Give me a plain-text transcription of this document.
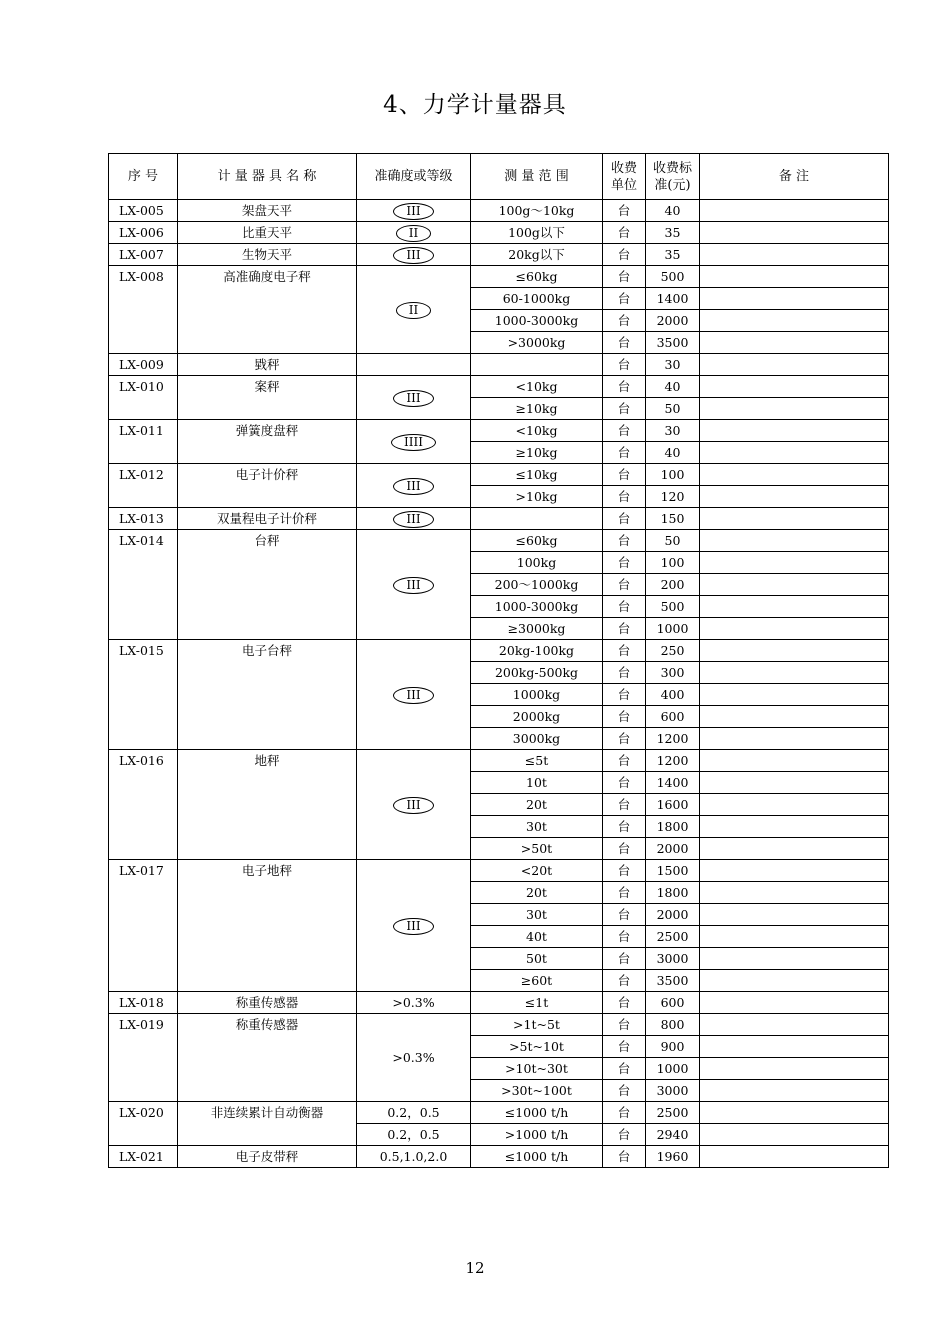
4、力学计量器具
序 号	计 量 器 具 名 称	准确度或等级	测 量 范 围	收费单位	收费标准(元)	备 注
LX-005	架盘天平	III	100g～10kg	台	40	
LX-006	比重天平	II	100g以下	台	35	
LX-007	生物天平	III	20kg以下	台	35	
LX-008	高准确度电子秤	II	≤60kg	台	500	
			60-1000kg	台	1400	
			1000-3000kg	台	2000	
			>3000kg	台	3500	
LX-009	戥秤			台	30	
LX-010	案秤	III	<10kg	台	40	
			≥10kg	台	50	
LX-011	弹簧度盘秤	IIII	<10kg	台	30	
			≥10kg	台	40	
LX-012	电子计价秤	III	≤10kg	台	100	
			>10kg	台	120	
LX-013	双量程电子计价秤	III		台	150	
LX-014	台秤	III	≤60kg	台	50	
			100kg	台	100	
			200～1000kg	台	200	
			1000-3000kg	台	500	
			≥3000kg	台	1000	
LX-015	电子台秤	III	20kg-100kg	台	250	
			200kg-500kg	台	300	
			1000kg	台	400	
			2000kg	台	600	
			3000kg	台	1200	
LX-016	地秤	III	≤5t	台	1200	
			10t	台	1400	
			20t	台	1600	
			30t	台	1800	
			>50t	台	2000	
LX-017	电子地秤	III	<20t	台	1500	
			20t	台	1800	
			30t	台	2000	
			40t	台	2500	
			50t	台	3000	
			≥60t	台	3500	
LX-018	称重传感器	>0.3%	≤1t	台	600	
LX-019	称重传感器	>0.3%	>1t~5t	台	800	
			>5t~10t	台	900	
			>10t~30t	台	1000	
			>30t~100t	台	3000	
LX-020	非连续累计自动衡器	0.2，0.5	≤1000 t/h	台	2500	
		0.2，0.5	>1000 t/h	台	2940	
LX-021	电子皮带秤	0.5,1.0,2.0	≤1000 t/h	台	1960	
12
